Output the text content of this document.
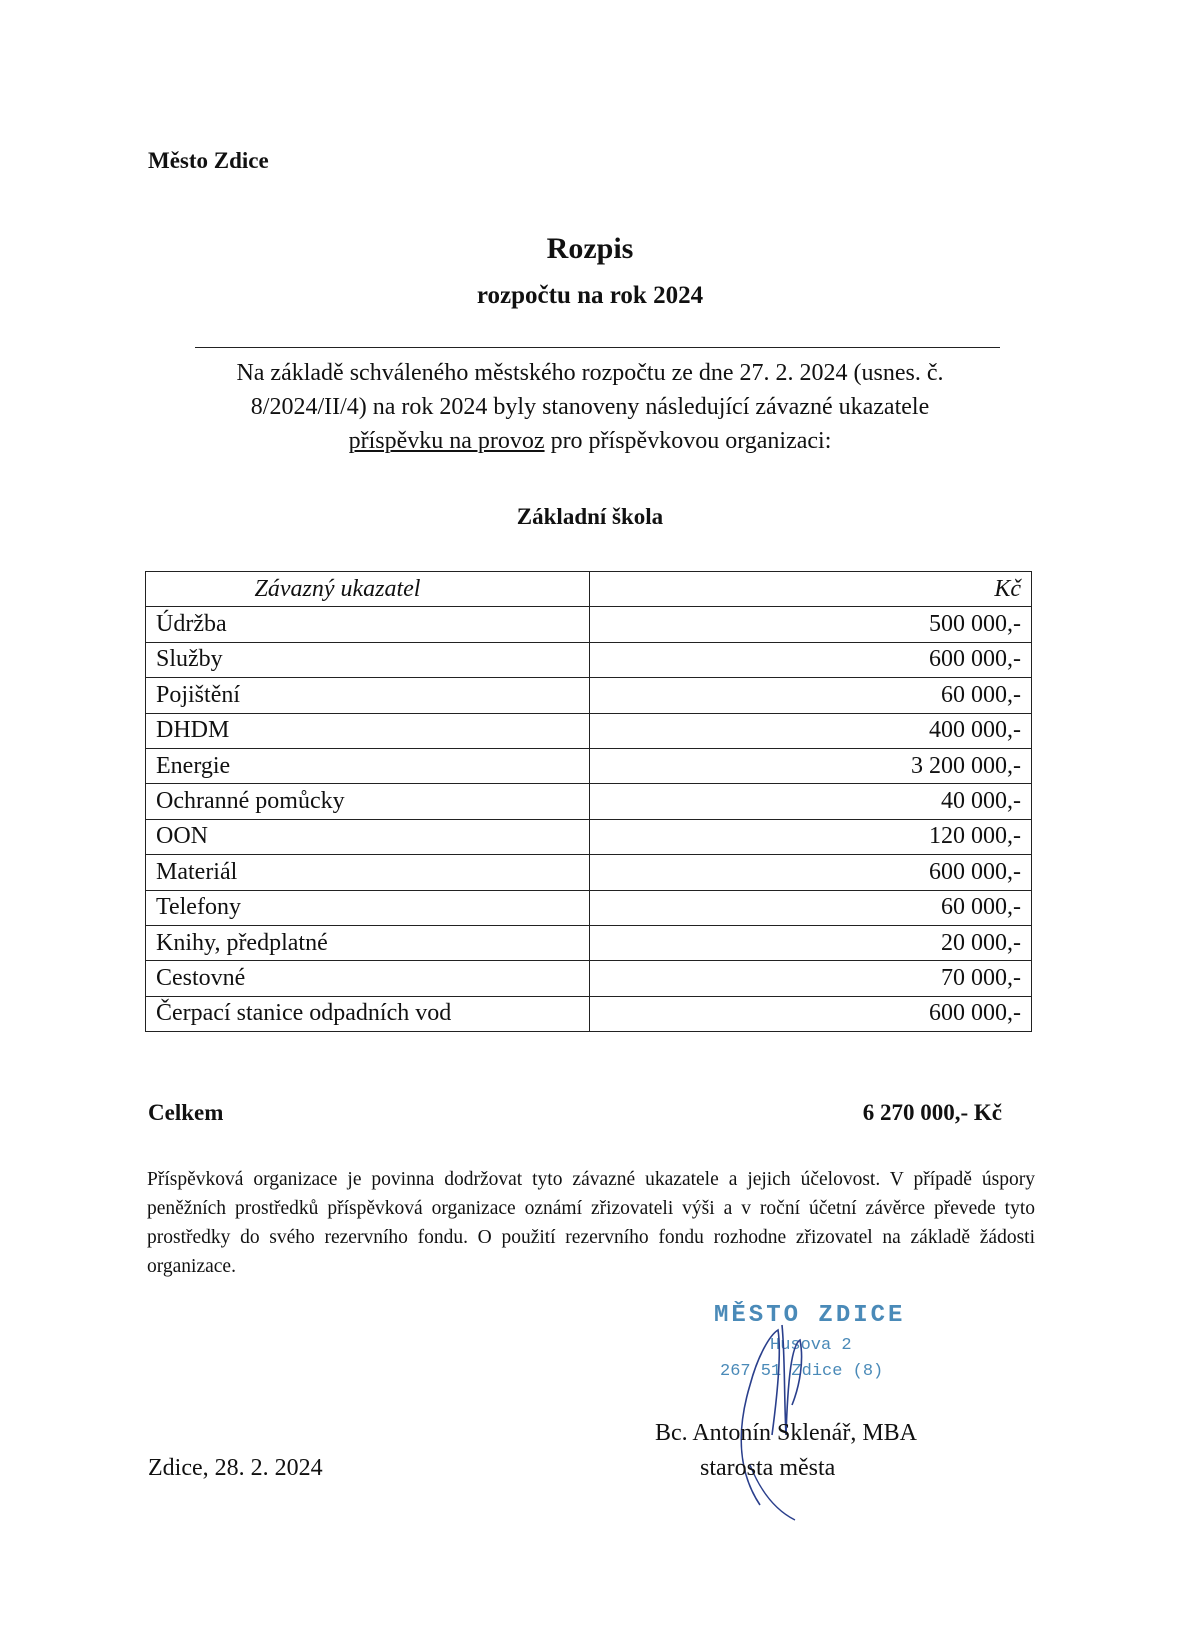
Město Zdice
Rozpis
rozpočtu na rok 2024
Na základě schváleného městského rozpočtu ze dne 27. 2. 2024 (usnes. č.
8/2024/II/4) na rok 2024 byly stanoveny následující závazné ukazatele
příspěvku na provoz pro příspěvkovou organizaci:
Základní škola
Závazný ukazatel	Kč
Údržba	500 000,-
Služby	600 000,-
Pojištění	60 000,-
DHDM	400 000,-
Energie	3 200 000,-
Ochranné pomůcky	40 000,-
OON	120 000,-
Materiál	600 000,-
Telefony	60 000,-
Knihy, předplatné	20 000,-
Cestovné	70 000,-
Čerpací stanice odpadních vod	600 000,-
Celkem	6 270 000,- Kč
Příspěvková organizace je povinna dodržovat tyto závazné ukazatele a jejich účelovost. V případě úspory peněžních prostředků příspěvková organizace oznámí zřizovateli výši a v roční účetní závěrce převede tyto prostředky do svého rezervního fondu. O použití rezervního fondu rozhodne zřizovatel na základě žádosti organizace.
MĚSTO ZDICE
Husova 2
267 51 Zdice (8)
Bc. Antonín Sklenář, MBA
starosta města
Zdice, 28. 2. 2024
